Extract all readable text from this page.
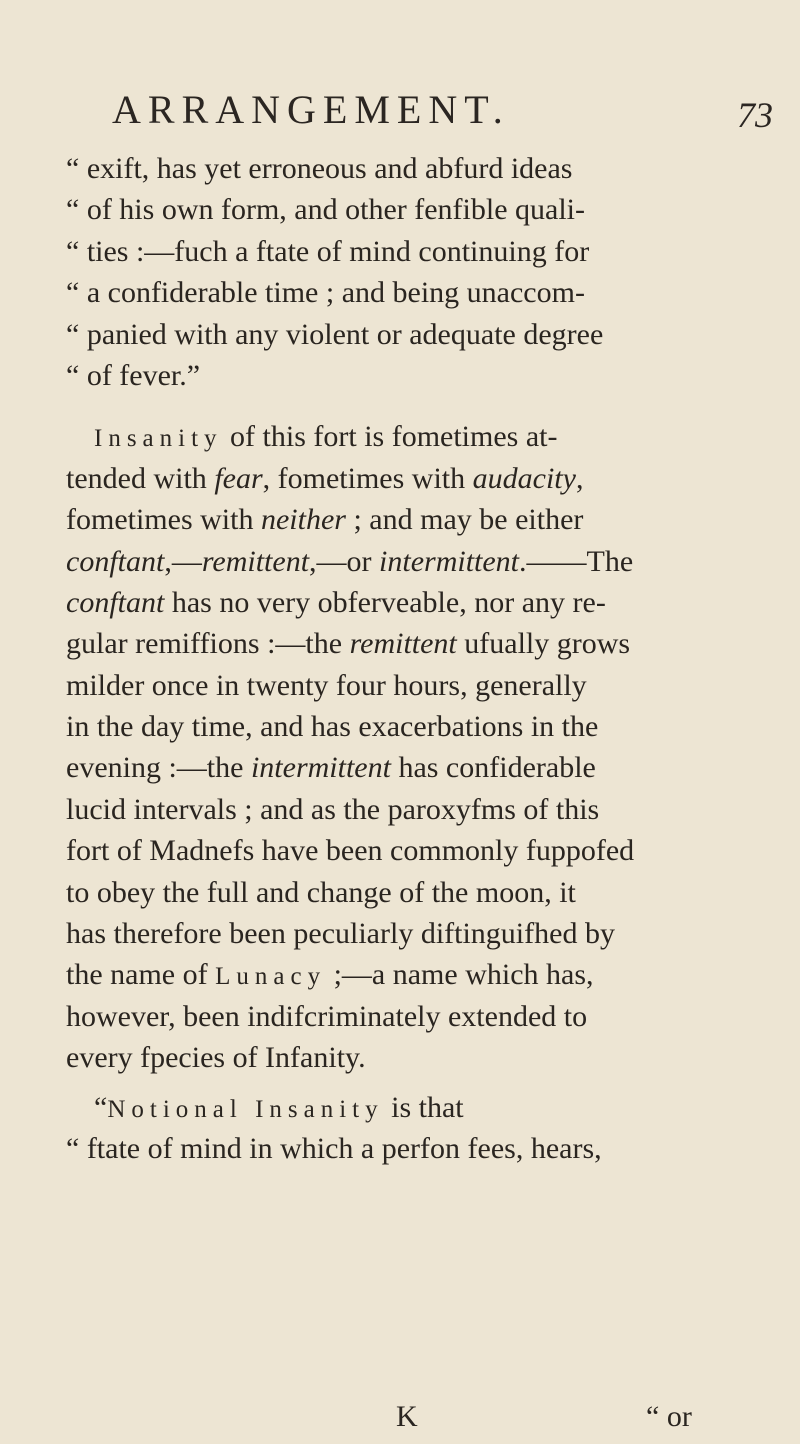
ARRANGEMENT.	73
“ exift, has yet erroneous and abfurd ideas
“ of his own form, and other fenfible quali-
“ ties :—fuch a ftate of mind continuing for
“ a confiderable time ; and being unaccom-
“ panied with any violent or adequate degree
“ of fever.”
Insanity of this fort is fometimes at-
tended with fear, fometimes with audacity,
fometimes with neither ; and may be either
conftant,—remittent,—or intermittent.——The
conftant has no very obferveable, nor any re-
gular remiffions :—the remittent ufually grows
milder once in twenty four hours, generally
in the day time, and has exacerbations in the
evening :—the intermittent has confiderable
lucid intervals ; and as the paroxyfms of this
fort of Madnefs have been commonly fuppofed
to obey the full and change of the moon, it
has therefore been peculiarly diftinguifhed by
the name of Lunacy ;—a name which has,
however, been indifcriminately extended to
every fpecies of Infanity.
“Notional Insanity is that
“ ftate of mind in which a perfon fees, hears,
K	“ or
